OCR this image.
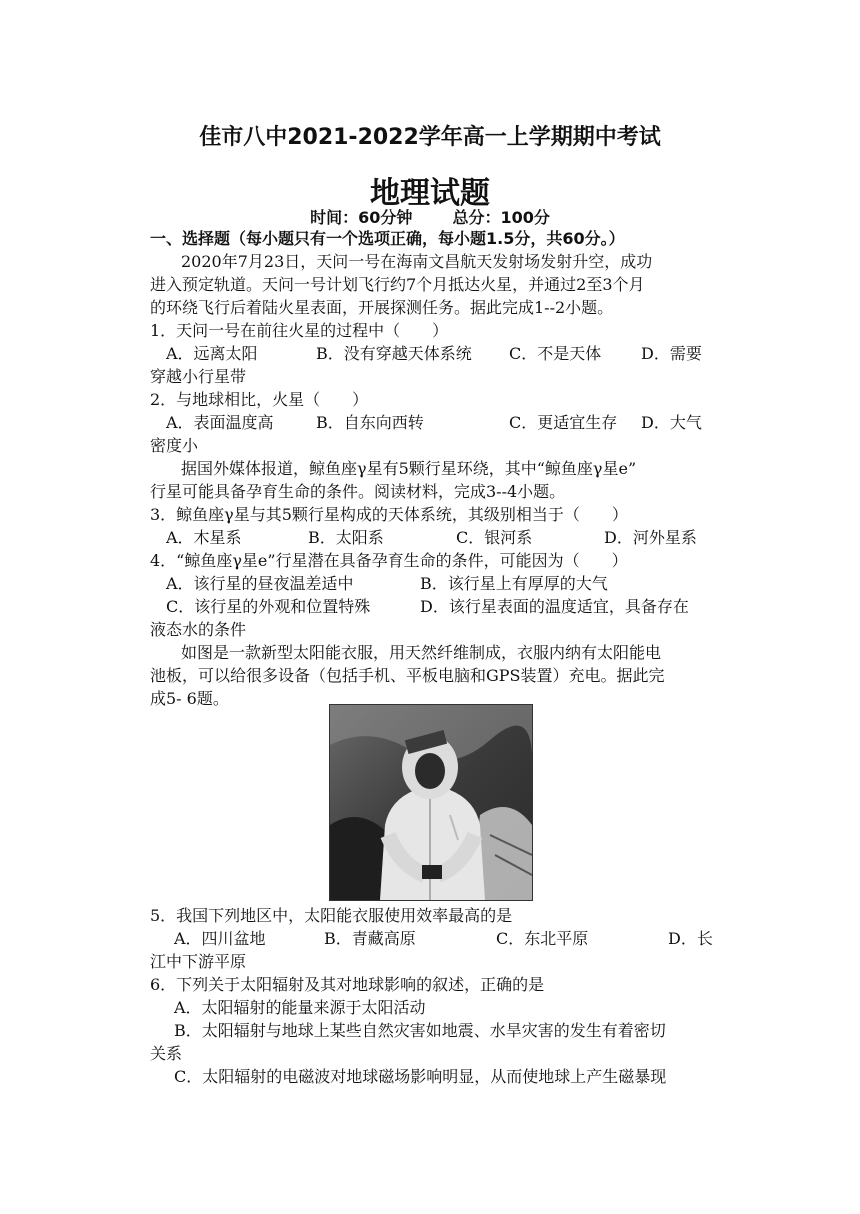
佳市八中2021-2022学年高一上学期期中考试
地理试题
时间：60分钟	总分：100分
一、选择题（每小题只有一个选项正确，每小题1.5分，共60分。）
2020年7月23日，天问一号在海南文昌航天发射场发射升空，成功
进入预定轨道。天问一号计划飞行约7个月抵达火星，并通过2至3个月
的环绕飞行后着陆火星表面，开展探测任务。据此完成1--2小题。
1．天问一号在前往火星的过程中（　　）
A．远离太阳	B．没有穿越天体系统 C．不是天体 D．需要
穿越小行星带
2．与地球相比，火星（　　）
A．表面温度高	B．自东向西转	C．更适宜生存 D．大气
密度小
据国外媒体报道，鲸鱼座γ星有5颗行星环绕，其中“鲸鱼座γ星e”
行星可能具备孕育生命的条件。阅读材料，完成3--4小题。
3．鲸鱼座γ星与其5颗行星构成的天体系统，其级别相当于（　　）
A．木星系	B．太阳系	C．银河系	D．河外星系
4．“鲸鱼座γ星e”行星潜在具备孕育生命的条件，可能因为（　　）
A．该行星的昼夜温差适中	B．该行星上有厚厚的大气
C．该行星的外观和位置特殊	D．该行星表面的温度适宜，具备存在
液态水的条件
如图是一款新型太阳能衣服，用天然纤维制成，衣服内纳有太阳能电
池板，可以给很多设备（包括手机、平板电脑和GPS装置）充电。据此完
成5- 6题。
5．我国下列地区中，太阳能衣服使用效率最高的是
A．四川盆地	B．青藏高原	C．东北平原	D．长
江中下游平原
6．下列关于太阳辐射及其对地球影响的叙述，正确的是
A．太阳辐射的能量来源于太阳活动
B．太阳辐射与地球上某些自然灾害如地震、水旱灾害的发生有着密切
关系
C．太阳辐射的电磁波对地球磁场影响明显，从而使地球上产生磁暴现
